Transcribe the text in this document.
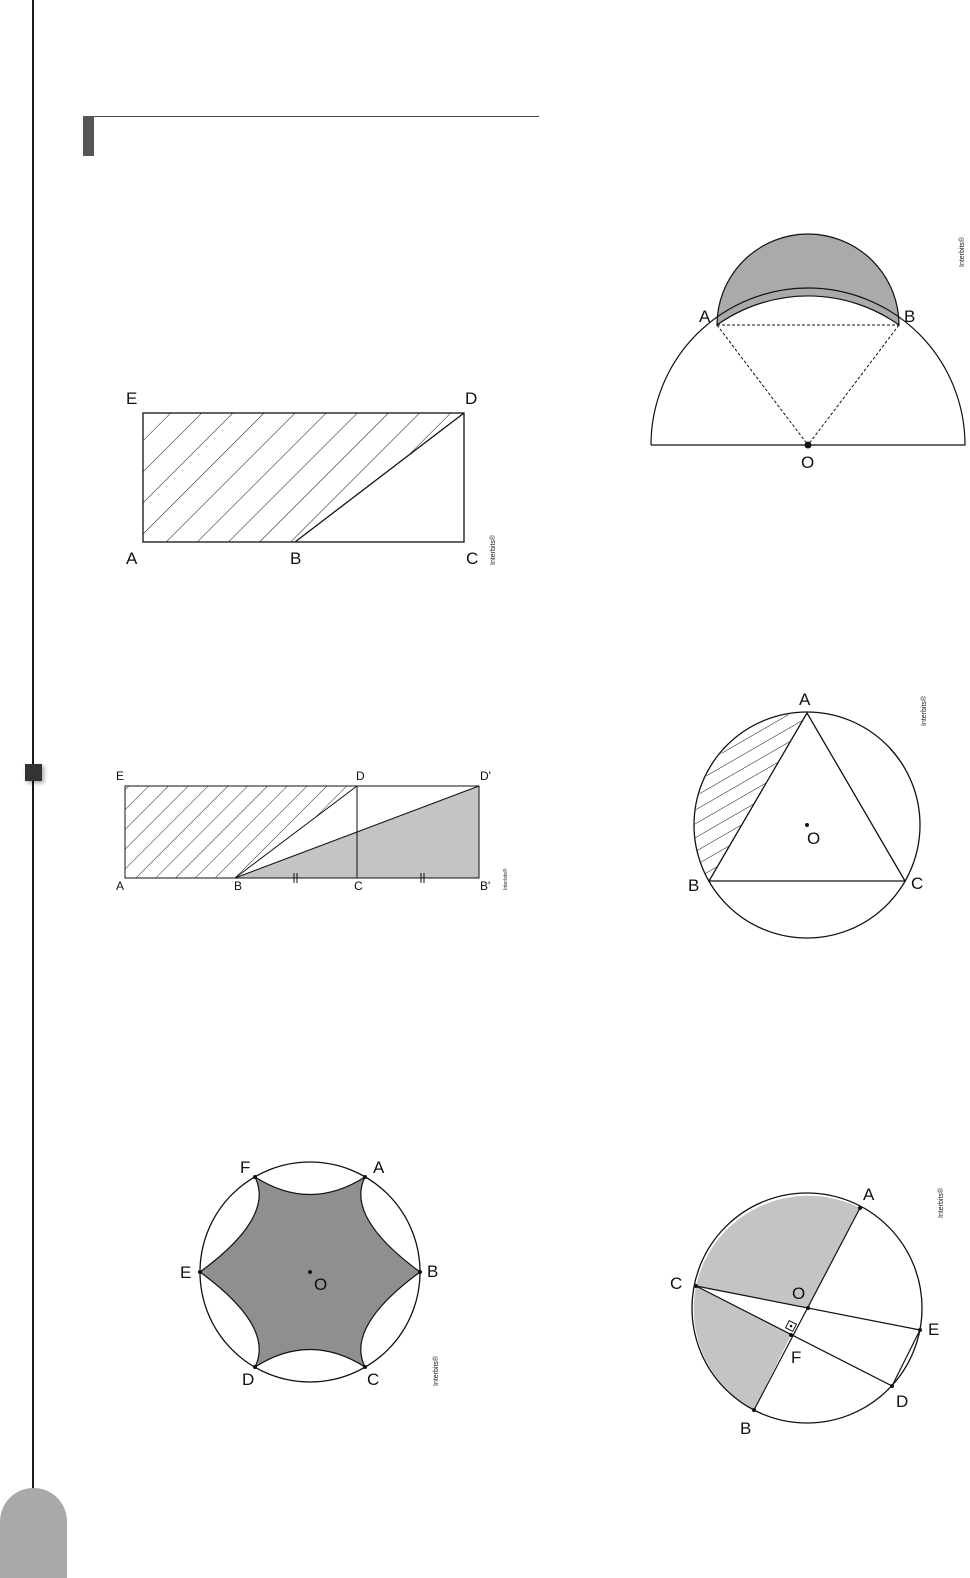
E	D
A	B	C Interbits®
E	D	D'
A	B	C	B'	Interbits®
A
B
C
D
E
F
O
Interbits®
A	B
O
Interbits®
A
B	C
O
Interbits®
A
B
C
D
E
F
O
Interbits®
